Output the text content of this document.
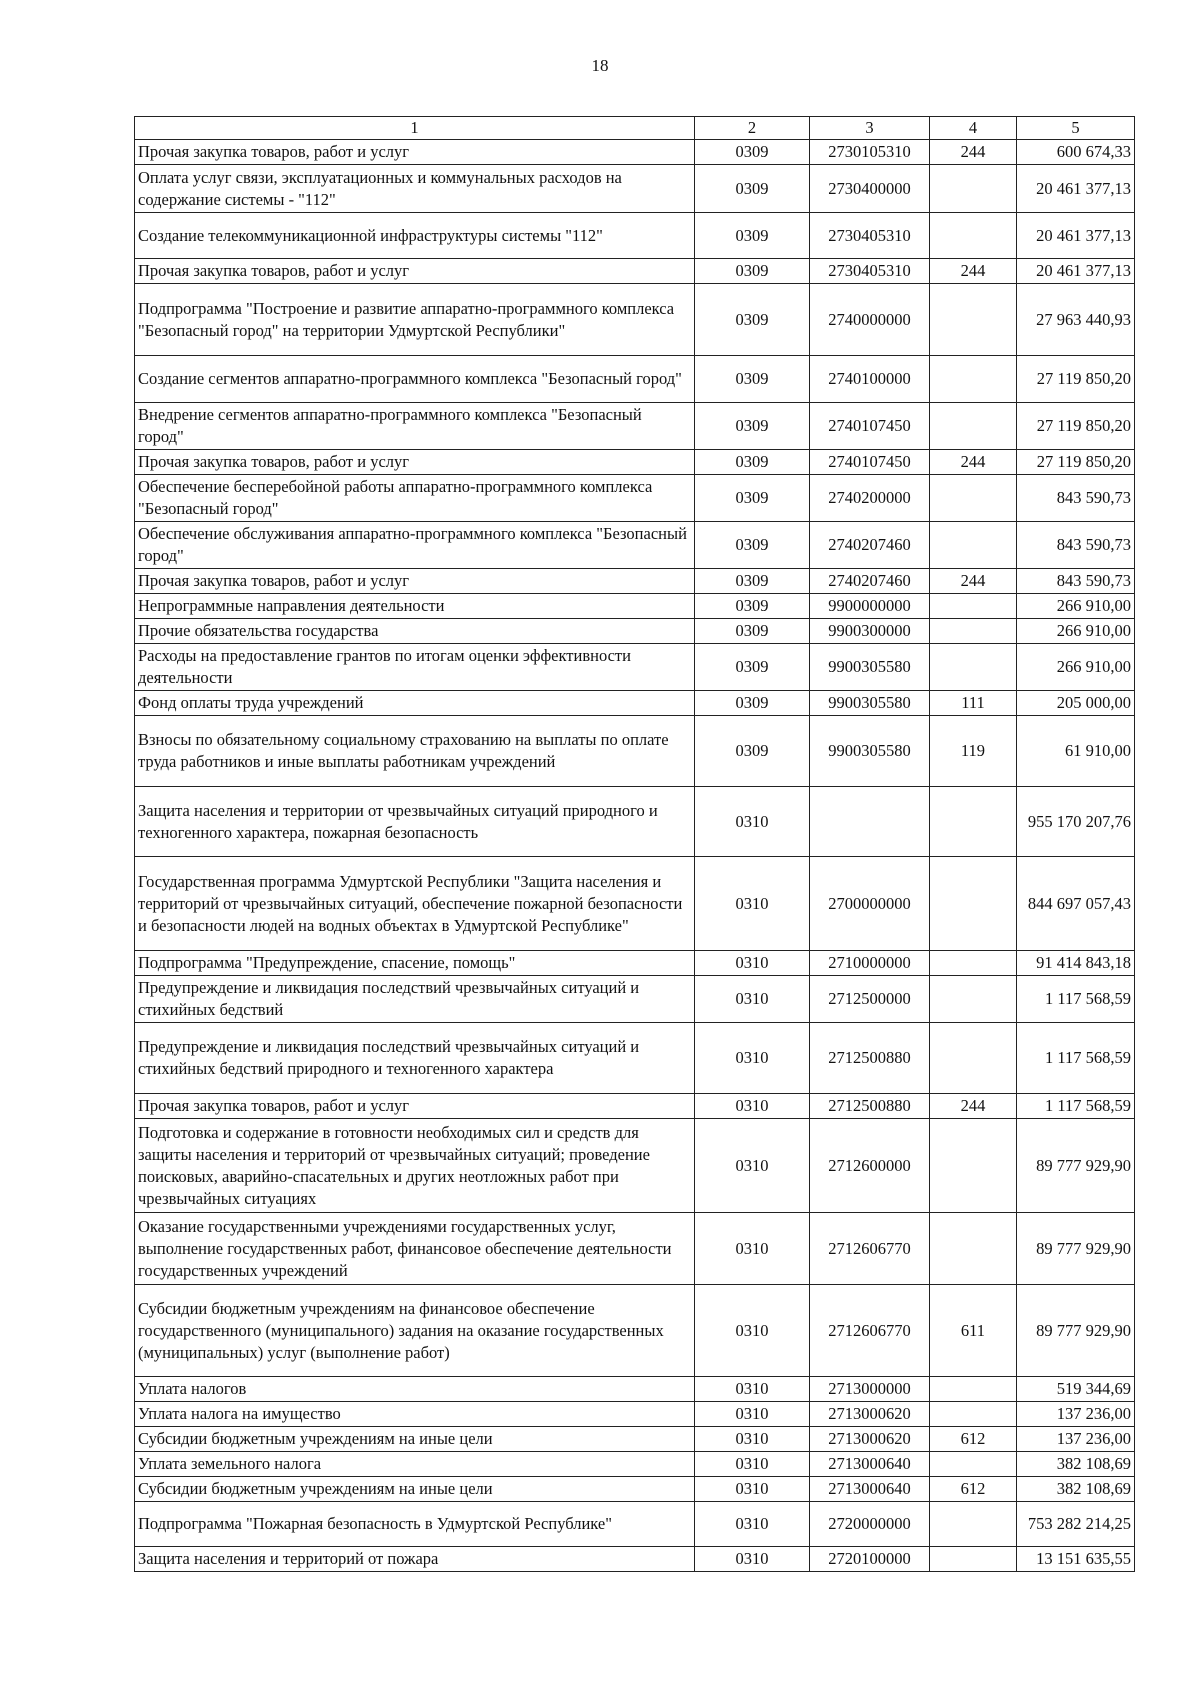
18
1	2	3	4	5
Прочая закупка товаров, работ и услуг	0309	2730105310	244	600 674,33
Оплата услуг связи, эксплуатационных и коммунальных расходов на содержание системы - "112"	0309	2730400000		20 461 377,13
Создание телекоммуникационной инфраструктуры системы "112"	0309	2730405310		20 461 377,13
Прочая закупка товаров, работ и услуг	0309	2730405310	244	20 461 377,13
Подпрограмма "Построение и развитие аппаратно-программного комплекса "Безопасный город" на территории Удмуртской Республики"	0309	2740000000		27 963 440,93
Создание сегментов аппаратно-программного комплекса "Безопасный город"	0309	2740100000		27 119 850,20
Внедрение сегментов аппаратно-программного комплекса "Безопасный город"	0309	2740107450		27 119 850,20
Прочая закупка товаров, работ и услуг	0309	2740107450	244	27 119 850,20
Обеспечение бесперебойной работы аппаратно-программного комплекса "Безопасный город"	0309	2740200000		843 590,73
Обеспечение обслуживания аппаратно-программного комплекса "Безопасный город"	0309	2740207460		843 590,73
Прочая закупка товаров, работ и услуг	0309	2740207460	244	843 590,73
Непрограммные направления деятельности	0309	9900000000		266 910,00
Прочие обязательства государства	0309	9900300000		266 910,00
Расходы на предоставление грантов по итогам оценки эффективности деятельности	0309	9900305580		266 910,00
Фонд оплаты труда учреждений	0309	9900305580	111	205 000,00
Взносы по обязательному социальному страхованию на выплаты по оплате труда работников и иные выплаты работникам учреждений	0309	9900305580	119	61 910,00
Защита населения и территории от чрезвычайных ситуаций природного и техногенного характера, пожарная безопасность	0310			955 170 207,76
Государственная программа Удмуртской Республики "Защита населения и территорий от чрезвычайных ситуаций, обеспечение пожарной безопасности и безопасности людей на водных объектах в Удмуртской Республике"	0310	2700000000		844 697 057,43
Подпрограмма "Предупреждение, спасение, помощь"	0310	2710000000		91 414 843,18
Предупреждение и ликвидация последствий чрезвычайных ситуаций и стихийных бедствий	0310	2712500000		1 117 568,59
Предупреждение и ликвидация последствий чрезвычайных ситуаций и стихийных бедствий природного и техногенного характера	0310	2712500880		1 117 568,59
Прочая закупка товаров, работ и услуг	0310	2712500880	244	1 117 568,59
Подготовка и содержание в готовности необходимых сил и средств для защиты населения и территорий от чрезвычайных ситуаций; проведение поисковых, аварийно-спасательных и других неотложных работ при чрезвычайных ситуациях	0310	2712600000		89 777 929,90
Оказание государственными учреждениями государственных услуг, выполнение государственных работ, финансовое обеспечение деятельности государственных учреждений	0310	2712606770		89 777 929,90
Субсидии бюджетным учреждениям на финансовое обеспечение государственного (муниципального) задания на оказание государственных (муниципальных) услуг (выполнение работ)	0310	2712606770	611	89 777 929,90
Уплата налогов	0310	2713000000		519 344,69
Уплата налога на имущество	0310	2713000620		137 236,00
Субсидии бюджетным учреждениям на иные цели	0310	2713000620	612	137 236,00
Уплата земельного налога	0310	2713000640		382 108,69
Субсидии бюджетным учреждениям на иные цели	0310	2713000640	612	382 108,69
Подпрограмма "Пожарная безопасность в Удмуртской Республике"	0310	2720000000		753 282 214,25
Защита населения и территорий от пожара	0310	2720100000		13 151 635,55
